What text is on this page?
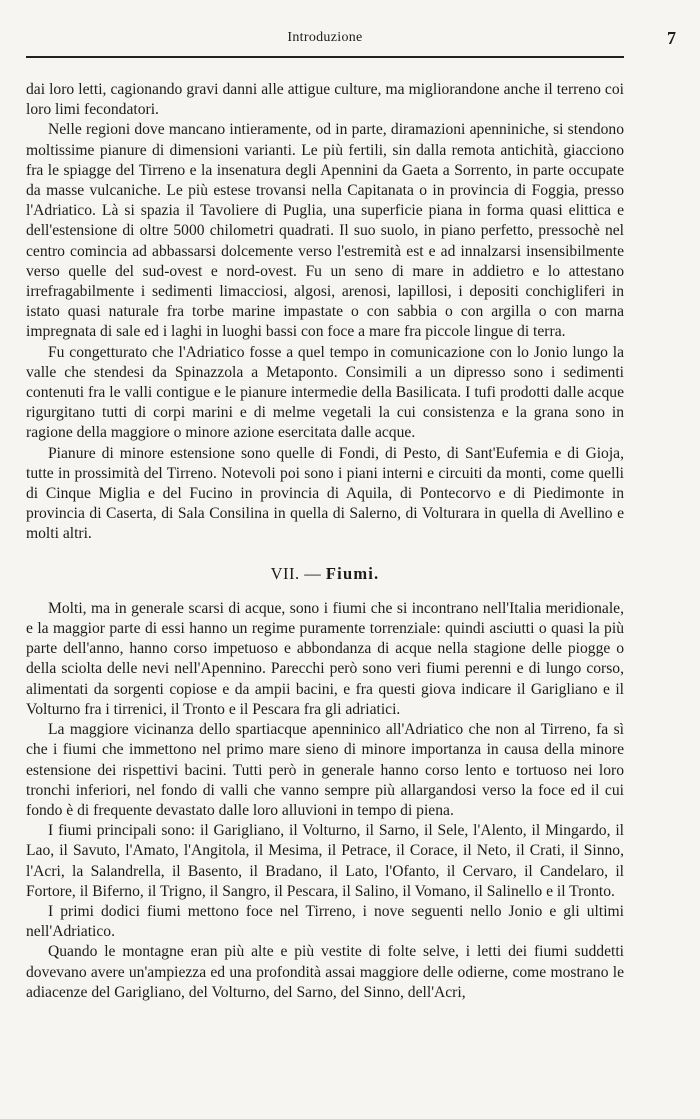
Introduzione	7

dai loro letti, cagionando gravi danni alle attigue culture, ma migliorandone anche il terreno coi loro limi fecondatori.

Nelle regioni dove mancano intieramente, od in parte, diramazioni apenniniche, si stendono moltissime pianure di dimensioni varianti. Le più fertili, sin dalla remota antichità, giacciono fra le spiagge del Tirreno e la insenatura degli Apennini da Gaeta a Sorrento, in parte occupate da masse vulcaniche. Le più estese trovansi nella Capitanata o in provincia di Foggia, presso l'Adriatico. Là si spazia il Tavoliere di Puglia, una superficie piana in forma quasi elittica e dell'estensione di oltre 5000 chilometri quadrati. Il suo suolo, in piano perfetto, pressochè nel centro comincia ad abbassarsi dolcemente verso l'estremità est e ad innalzarsi insensibilmente verso quelle del sud-ovest e nord-ovest. Fu un seno di mare in addietro e lo attestano irrefragabilmente i sedimenti limacciosi, algosi, arenosi, lapillosi, i depositi conchigliferi in istato quasi naturale fra torbe marine impastate o con sabbia o con argilla o con marna impregnata di sale ed i laghi in luoghi bassi con foce a mare fra piccole lingue di terra.

Fu congetturato che l'Adriatico fosse a quel tempo in comunicazione con lo Jonio lungo la valle che stendesi da Spinazzola a Metaponto. Consimili a un dipresso sono i sedimenti contenuti fra le valli contigue e le pianure intermedie della Basilicata. I tufi prodotti dalle acque rigurgitano tutti di corpi marini e di melme vegetali la cui consistenza e la grana sono in ragione della maggiore o minore azione esercitata dalle acque.

Pianure di minore estensione sono quelle di Fondi, di Pesto, di Sant'Eufemia e di Gioja, tutte in prossimità del Tirreno. Notevoli poi sono i piani interni e circuiti da monti, come quelli di Cinque Miglia e del Fucino in provincia di Aquila, di Pontecorvo e di Piedimonte in provincia di Caserta, di Sala Consilina in quella di Salerno, di Volturara in quella di Avellino e molti altri.

VII. — Fiumi.

Molti, ma in generale scarsi di acque, sono i fiumi che si incontrano nell'Italia meridionale, e la maggior parte di essi hanno un regime puramente torrenziale: quindi asciutti o quasi la più parte dell'anno, hanno corso impetuoso e abbondanza di acque nella stagione delle piogge o della sciolta delle nevi nell'Apennino. Parecchi però sono veri fiumi perenni e di lungo corso, alimentati da sorgenti copiose e da ampii bacini, e fra questi giova indicare il Garigliano e il Volturno fra i tirrenici, il Tronto e il Pescara fra gli adriatici.

La maggiore vicinanza dello spartiacque apenninico all'Adriatico che non al Tirreno, fa sì che i fiumi che immettono nel primo mare sieno di minore importanza in causa della minore estensione dei rispettivi bacini. Tutti però in generale hanno corso lento e tortuoso nei loro tronchi inferiori, nel fondo di valli che vanno sempre più allargandosi verso la foce ed il cui fondo è di frequente devastato dalle loro alluvioni in tempo di piena.

I fiumi principali sono: il Garigliano, il Volturno, il Sarno, il Sele, l'Alento, il Mingardo, il Lao, il Savuto, l'Amato, l'Angitola, il Mesima, il Petrace, il Corace, il Neto, il Crati, il Sinno, l'Acri, la Salandrella, il Basento, il Bradano, il Lato, l'Ofanto, il Cervaro, il Candelaro, il Fortore, il Biferno, il Trigno, il Sangro, il Pescara, il Salino, il Vomano, il Salinello e il Tronto.

I primi dodici fiumi mettono foce nel Tirreno, i nove seguenti nello Jonio e gli ultimi nell'Adriatico.

Quando le montagne eran più alte e più vestite di folte selve, i letti dei fiumi suddetti dovevano avere un'ampiezza ed una profondità assai maggiore delle odierne, come mostrano le adiacenze del Garigliano, del Volturno, del Sarno, del Sinno, dell'Acri,
